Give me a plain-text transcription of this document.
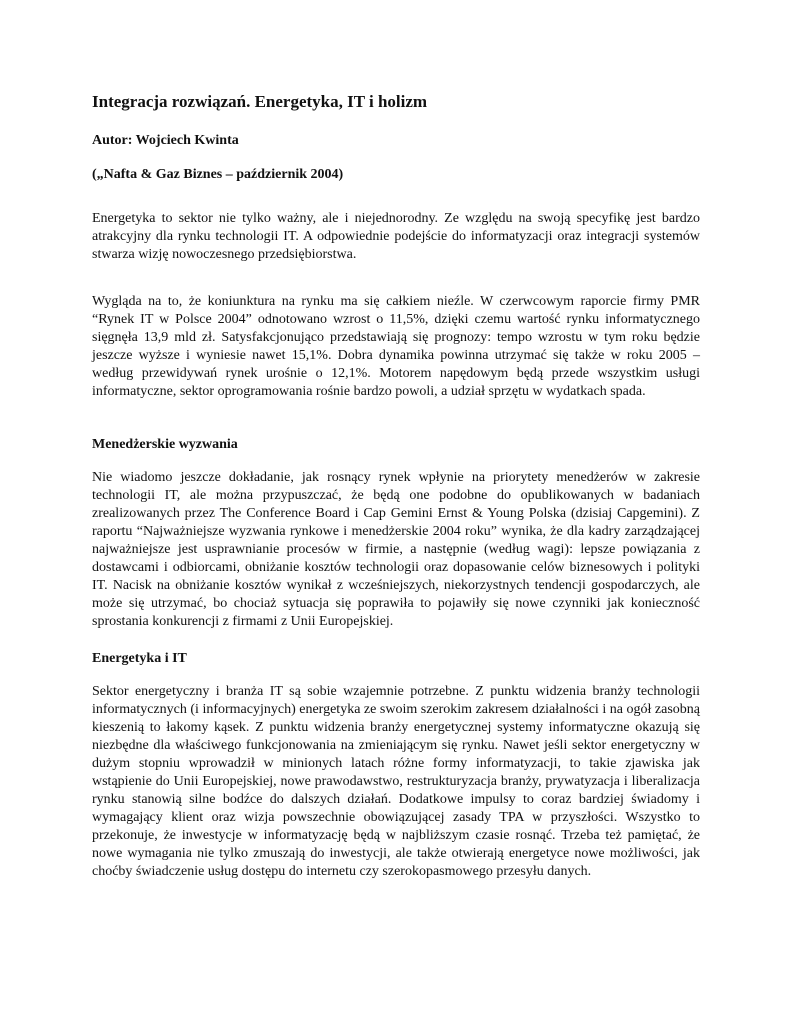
Integracja rozwiązań. Energetyka, IT i holizm

Autor: Wojciech Kwinta

(„Nafta & Gaz Biznes – październik 2004)

Energetyka to sektor nie tylko ważny, ale i niejednorodny. Ze względu na swoją specyfikę jest bardzo atrakcyjny dla rynku technologii IT. A odpowiednie podejście do informatyzacji oraz integracji systemów stwarza wizję nowoczesnego przedsiębiorstwa.

Wygląda na to, że koniunktura na rynku ma się całkiem nieźle. W czerwcowym raporcie firmy PMR “Rynek IT w Polsce 2004” odnotowano wzrost o 11,5%, dzięki czemu wartość rynku informatycznego sięgnęła 13,9 mld zł. Satysfakcjonująco przedstawiają się prognozy: tempo wzrostu w tym roku będzie jeszcze wyższe i wyniesie nawet 15,1%. Dobra dynamika powinna utrzymać się także w roku 2005 – według przewidywań rynek urośnie o 12,1%. Motorem napędowym będą przede wszystkim usługi informatyczne, sektor oprogramowania rośnie bardzo powoli, a udział sprzętu w wydatkach spada.

Menedżerskie wyzwania

Nie wiadomo jeszcze dokładanie, jak rosnący rynek wpłynie na priorytety menedżerów w zakresie technologii IT, ale można przypuszczać, że będą one podobne do opublikowanych w badaniach zrealizowanych przez The Conference Board i Cap Gemini Ernst & Young Polska (dzisiaj Capgemini). Z raportu “Najważniejsze wyzwania rynkowe i menedżerskie 2004 roku” wynika, że dla kadry zarządzającej najważniejsze jest usprawnianie procesów w firmie, a następnie (według wagi): lepsze powiązania z dostawcami i odbiorcami, obniżanie kosztów technologii oraz dopasowanie celów biznesowych i polityki IT. Nacisk na obniżanie kosztów wynikał z wcześniejszych, niekorzystnych tendencji gospodarczych, ale może się utrzymać, bo chociaż sytuacja się poprawiła to pojawiły się nowe czynniki jak konieczność sprostania konkurencji z firmami z Unii Europejskiej.

Energetyka i IT

Sektor energetyczny i branża IT są sobie wzajemnie potrzebne. Z punktu widzenia branży technologii informatycznych (i informacyjnych) energetyka ze swoim szerokim zakresem działalności i na ogół zasobną kieszenią to łakomy kąsek. Z punktu widzenia branży energetycznej systemy informatyczne okazują się niezbędne dla właściwego funkcjonowania na zmieniającym się rynku. Nawet jeśli sektor energetyczny w dużym stopniu wprowadził w minionych latach różne formy informatyzacji, to takie zjawiska jak wstąpienie do Unii Europejskiej, nowe prawodawstwo, restrukturyzacja branży, prywatyzacja i liberalizacja rynku stanowią silne bodźce do dalszych działań. Dodatkowe impulsy to coraz bardziej świadomy i wymagający klient oraz wizja powszechnie obowiązującej zasady TPA w przyszłości. Wszystko to przekonuje, że inwestycje w informatyzację będą w najbliższym czasie rosnąć. Trzeba też pamiętać, że nowe wymagania nie tylko zmuszają do inwestycji, ale także otwierają energetyce nowe możliwości, jak choćby świadczenie usług dostępu do internetu czy szerokopasmowego przesyłu danych.
